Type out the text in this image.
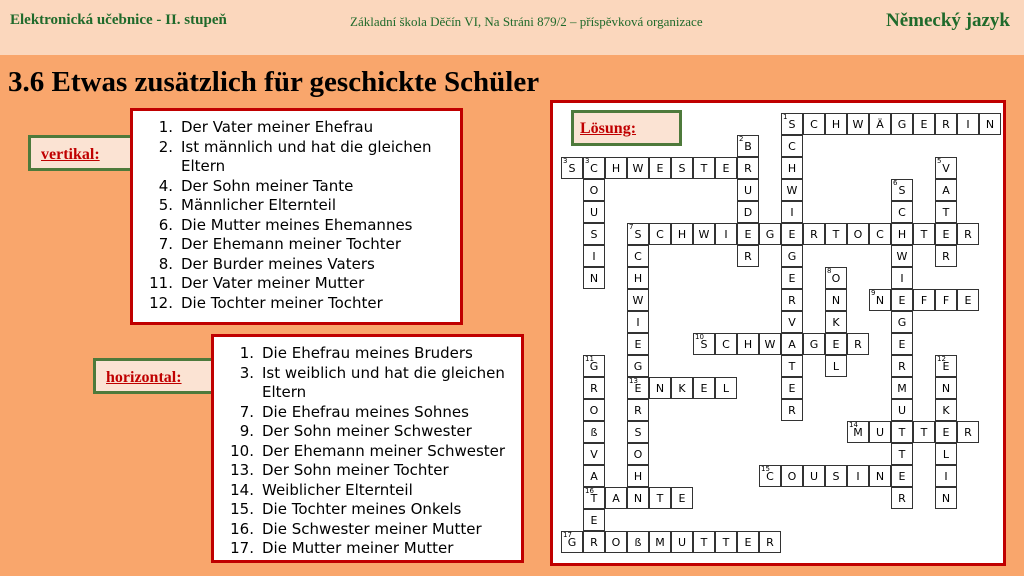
Elektronická učebnice - II. stupeň	Základní škola Děčín VI, Na Stráni 879/2 – příspěvková organizace	Německý jazyk
3.6 Etwas zusätzlich für geschickte Schüler
vertikal:
1. Der Vater meiner Ehefrau
2. Ist männlich und hat die gleichen
Eltern
4. Der Sohn meiner Tante
5. Männlicher Elternteil
6. Die Mutter meines Ehemannes
7. Der Ehemann meiner Tochter
8. Der Burder meines Vaters
11. Der Vater meiner Mutter
12. Die Tochter meiner Tochter
horizontal:
1. Die Ehefrau meines Bruders
3. Ist weiblich und hat die gleichen
Eltern
7. Die Ehefrau meines Sohnes
9. Der Sohn meiner Schwester
10. Der Ehemann meiner Schwester
13. Der Sohn meiner Tochter
14. Weiblicher Elternteil
15. Die Tochter meines Onkels
16. Die Schwester meiner Mutter
17. Die Mutter meiner Mutter
1
S	C	H	W	Ä	G	E	R	I	N
C
H
W
I
E
G
E
R
V
A
T
E
R
2
B
R
U
D
E
R
3
S
3
C	H	W	E	S	T	E
O
U
S
I
N
5
V
A
T
E
R
6
S
C
H
W
I
E
G
E
R
M
U
T
T
E
R
7
S	C	H	W	I	G	R	T	O	C	T	R
C
H
W
I
E
G
13
E
R
S
O
H
N
8
O
N
K
E
L
9
N	F	F	E
10
S	C	H	W	G	R
11
G
R
O
ß
V
A
16
T
E
R
12
E
N
K
E
L
I
N
N	K	E	L
14
M	U	T	R
15
C	O	U	S	I	N
A	T	E
17
G	O	ß	M	U	T	T	E	R
Lösung:
